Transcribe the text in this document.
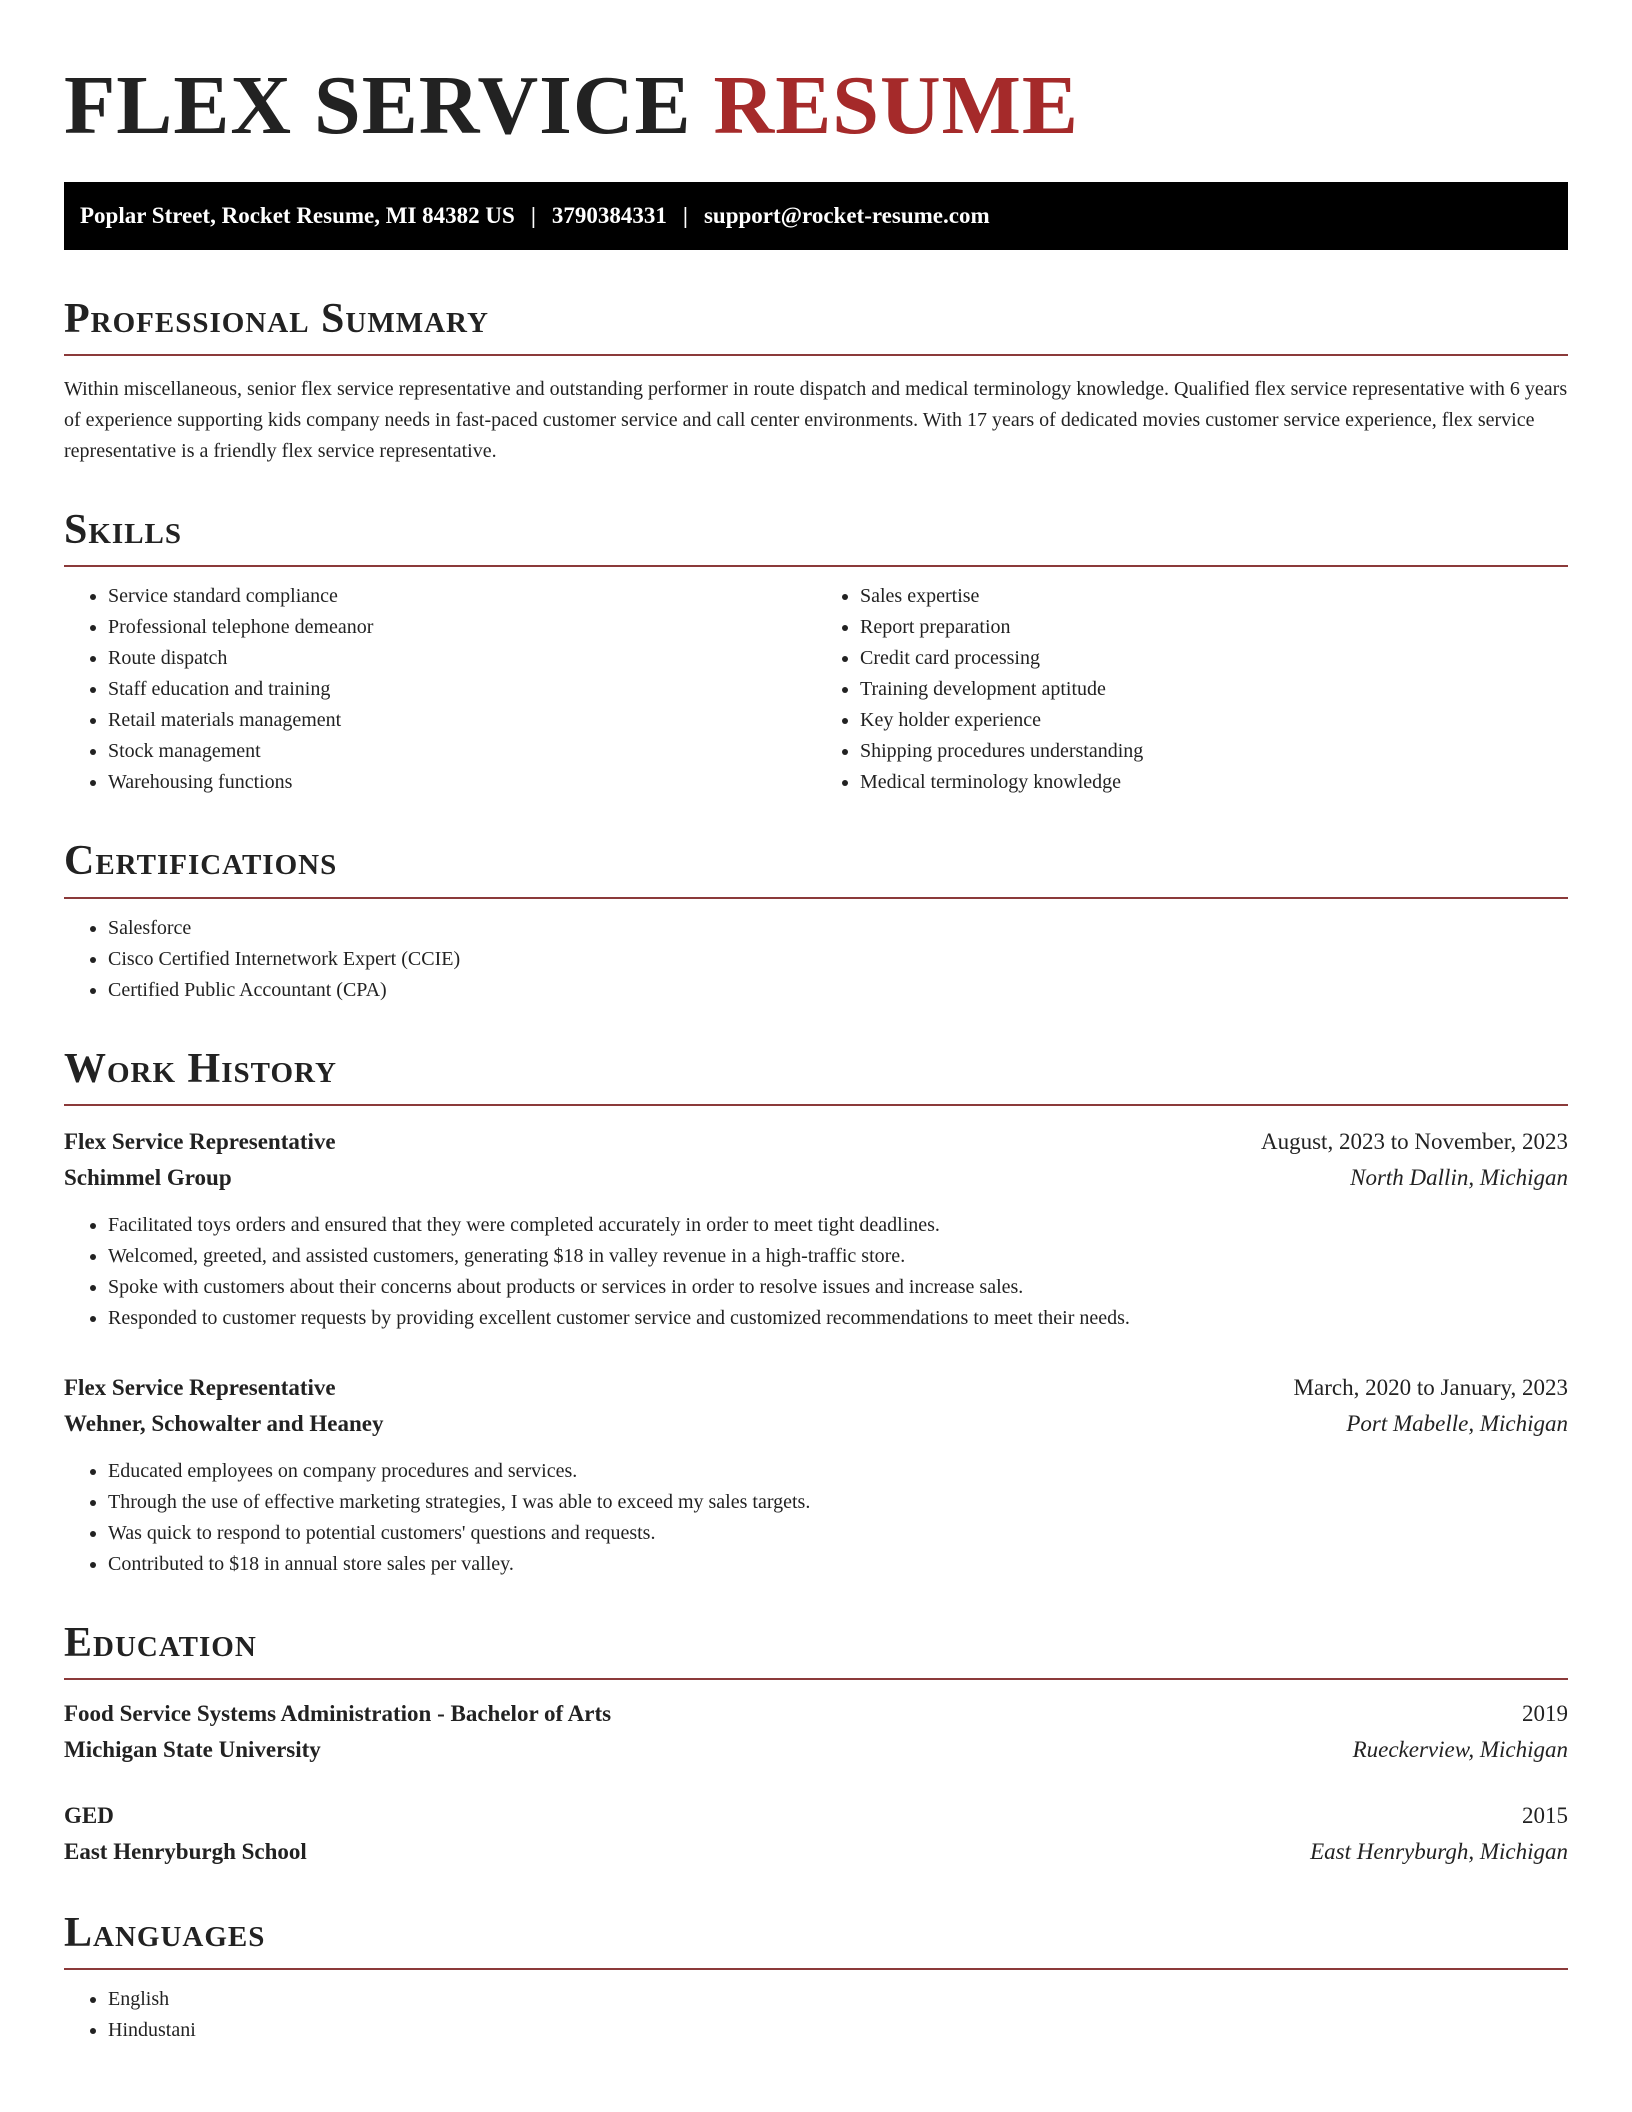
FLEX SERVICE RESUME
Poplar Street, Rocket Resume, MI 84382 US | 3790384331 | support@rocket-resume.com
Professional Summary

Within miscellaneous, senior flex service representative and outstanding performer in route dispatch and medical terminology knowledge. Qualified flex service representative with 6 years of experience supporting kids company needs in fast-paced customer service and call center environments. With 17 years of dedicated movies customer service experience, flex service representative is a friendly flex service representative.

Skills
• Service standard compliance
• Professional telephone demeanor
• Route dispatch
• Staff education and training
• Retail materials management
• Stock management
• Warehousing functions
• Sales expertise
• Report preparation
• Credit card processing
• Training development aptitude
• Key holder experience
• Shipping procedures understanding
• Medical terminology knowledge
Certifications
• Salesforce
• Cisco Certified Internetwork Expert (CCIE)
• Certified Public Accountant (CPA)
Work History
Flex Service Representative	August, 2023 to November, 2023
Schimmel Group	North Dallin, Michigan
• Facilitated toys orders and ensured that they were completed accurately in order to meet tight deadlines.
• Welcomed, greeted, and assisted customers, generating $18 in valley revenue in a high-traffic store.
• Spoke with customers about their concerns about products or services in order to resolve issues and increase sales.
• Responded to customer requests by providing excellent customer service and customized recommendations to meet their needs.
Flex Service Representative	March, 2020 to January, 2023
Wehner, Schowalter and Heaney	Port Mabelle, Michigan
• Educated employees on company procedures and services.
• Through the use of effective marketing strategies, I was able to exceed my sales targets.
• Was quick to respond to potential customers' questions and requests.
• Contributed to $18 in annual store sales per valley.
Education
Food Service Systems Administration - Bachelor of Arts	2019
Michigan State University	Rueckerview, Michigan
GED	2015
East Henryburgh School	East Henryburgh, Michigan
Languages
• English
• Hindustani
